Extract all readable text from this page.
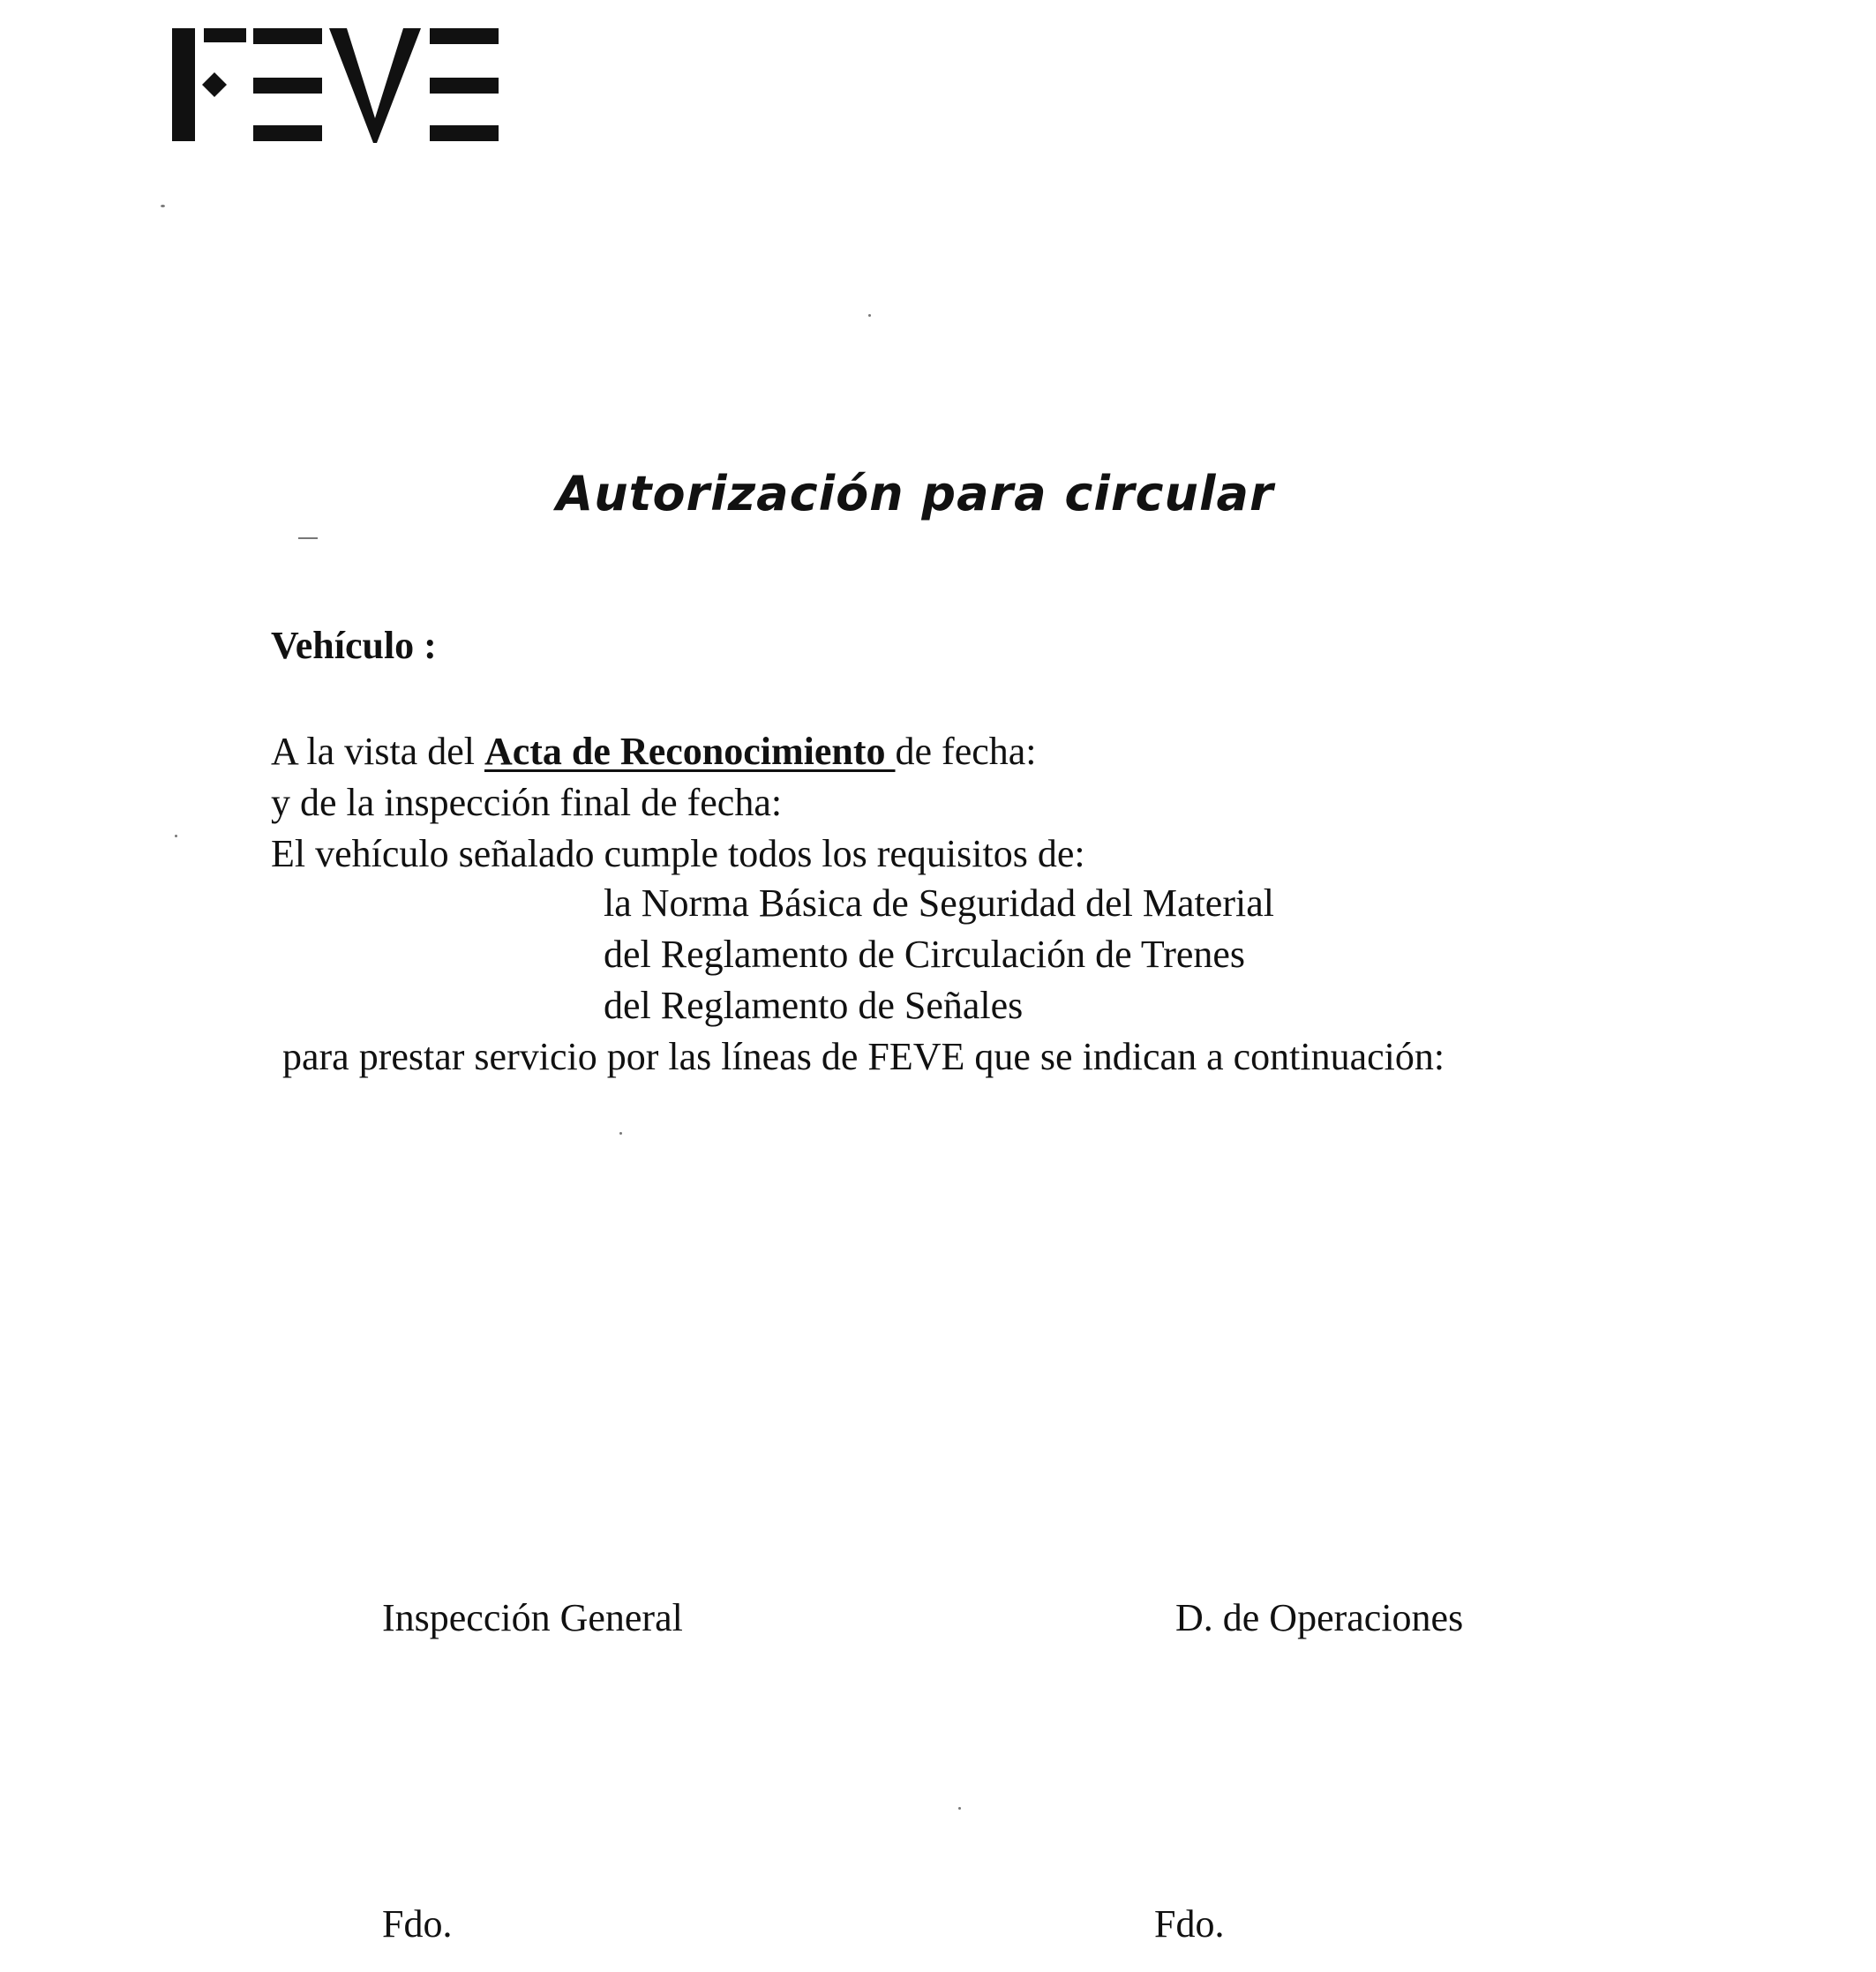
Autorización para circular
Vehículo :
A la vista del Acta de Reconocimiento de fecha:
y de la inspección final de fecha:
El vehículo señalado cumple todos los requisitos de:
la Norma Básica de Seguridad del Material
del Reglamento de Circulación de Trenes
del Reglamento de Señales
para prestar servicio por las líneas de FEVE que se indican a continuación:
Inspección General	D. de Operaciones
Fdo.	Fdo.
